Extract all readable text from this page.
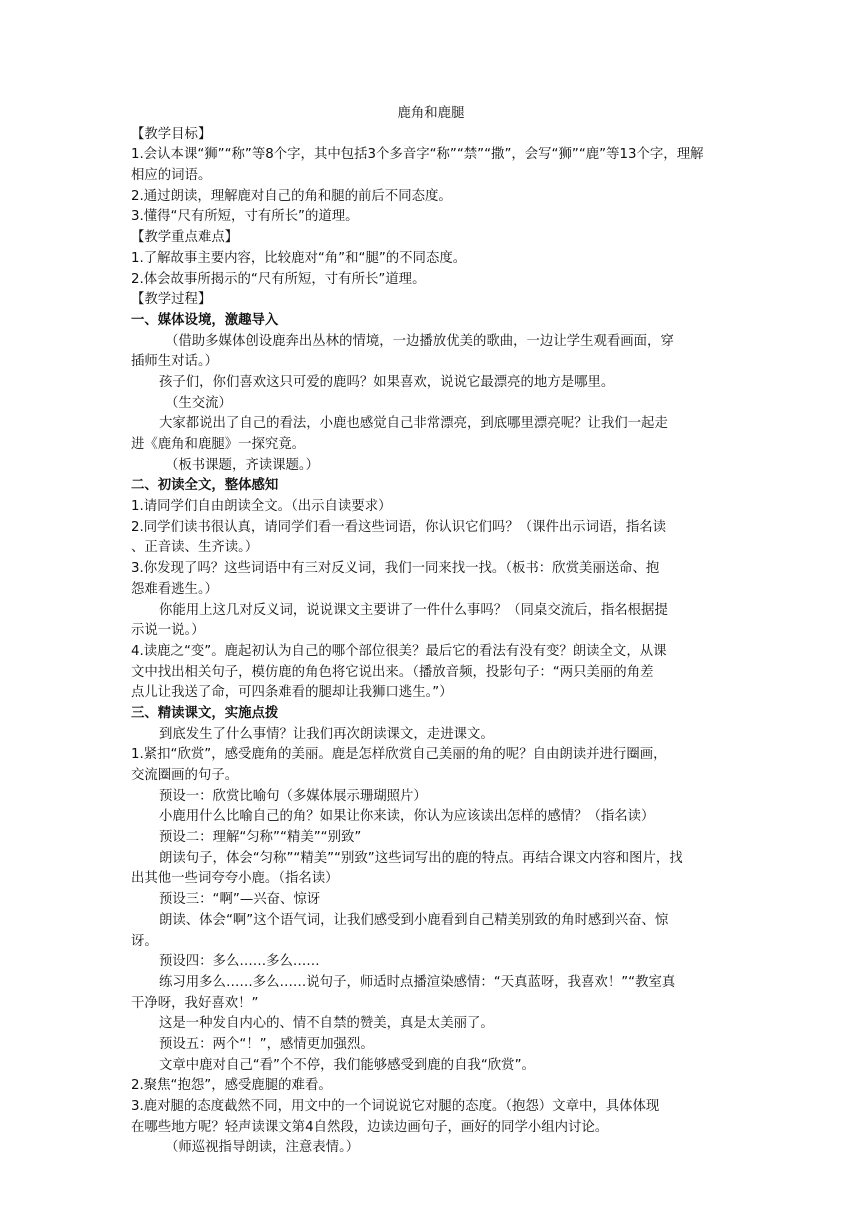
鹿角和鹿腿
【教学目标】
1.会认本课“狮”“称”等8个字，其中包括3个多音字“称”“禁”“撒”，会写“狮”“鹿”等13个字，理解
相应的词语。
2.通过朗读，理解鹿对自己的角和腿的前后不同态度。
3.懂得“尺有所短，寸有所长”的道理。
【教学重点难点】
1.了解故事主要内容，比较鹿对“角”和“腿”的不同态度。
2.体会故事所揭示的“尺有所短，寸有所长”道理。
【教学过程】
一、媒体设境，激趣导入
（借助多媒体创设鹿奔出丛林的情境，一边播放优美的歌曲，一边让学生观看画面，穿
插师生对话。）
孩子们，你们喜欢这只可爱的鹿吗？如果喜欢，说说它最漂亮的地方是哪里。
（生交流）
大家都说出了自己的看法，小鹿也感觉自己非常漂亮，到底哪里漂亮呢？让我们一起走
进《鹿角和鹿腿》一探究竟。
（板书课题，齐读课题。）
二、初读全文，整体感知
1.请同学们自由朗读全文。（出示自读要求）
2.同学们读书很认真，请同学们看一看这些词语，你认识它们吗？（课件出示词语，指名读
、正音读、生齐读。）
3.你发现了吗？这些词语中有三对反义词，我们一同来找一找。（板书：欣赏美丽送命、抱
怨难看逃生。）
你能用上这几对反义词，说说课文主要讲了一件什么事吗？（同桌交流后，指名根据提
示说一说。）
4.读鹿之“变”。鹿起初认为自己的哪个部位很美？最后它的看法有没有变？朗读全文，从课
文中找出相关句子，模仿鹿的角色将它说出来。（播放音频，投影句子：“两只美丽的角差
点儿让我送了命，可四条难看的腿却让我狮口逃生。”）
三、精读课文，实施点拨
到底发生了什么事情？让我们再次朗读课文，走进课文。
1.紧扣“欣赏”，感受鹿角的美丽。鹿是怎样欣赏自己美丽的角的呢？自由朗读并进行圈画，
交流圈画的句子。
预设一：欣赏比喻句（多媒体展示珊瑚照片）
小鹿用什么比喻自己的角？如果让你来读，你认为应该读出怎样的感情？（指名读）
预设二：理解“匀称”“精美”“别致”
朗读句子，体会“匀称”“精美”“别致”这些词写出的鹿的特点。再结合课文内容和图片，找
出其他一些词夸夸小鹿。（指名读）
预设三：“啊”—兴奋、惊讶
朗读、体会“啊”这个语气词，让我们感受到小鹿看到自己精美别致的角时感到兴奋、惊
讶。
预设四：多么……多么……
练习用多么……多么……说句子，师适时点播渲染感情：“天真蓝呀，我喜欢！”“教室真
干净呀，我好喜欢！”
这是一种发自内心的、情不自禁的赞美，真是太美丽了。
预设五：两个“！”，感情更加强烈。
文章中鹿对自己“看”个不停，我们能够感受到鹿的自我“欣赏”。
2.聚焦“抱怨”，感受鹿腿的难看。
3.鹿对腿的态度截然不同，用文中的一个词说说它对腿的态度。（抱怨）文章中，具体体现
在哪些地方呢？轻声读课文第4自然段，边读边画句子，画好的同学小组内讨论。
（师巡视指导朗读，注意表情。）
